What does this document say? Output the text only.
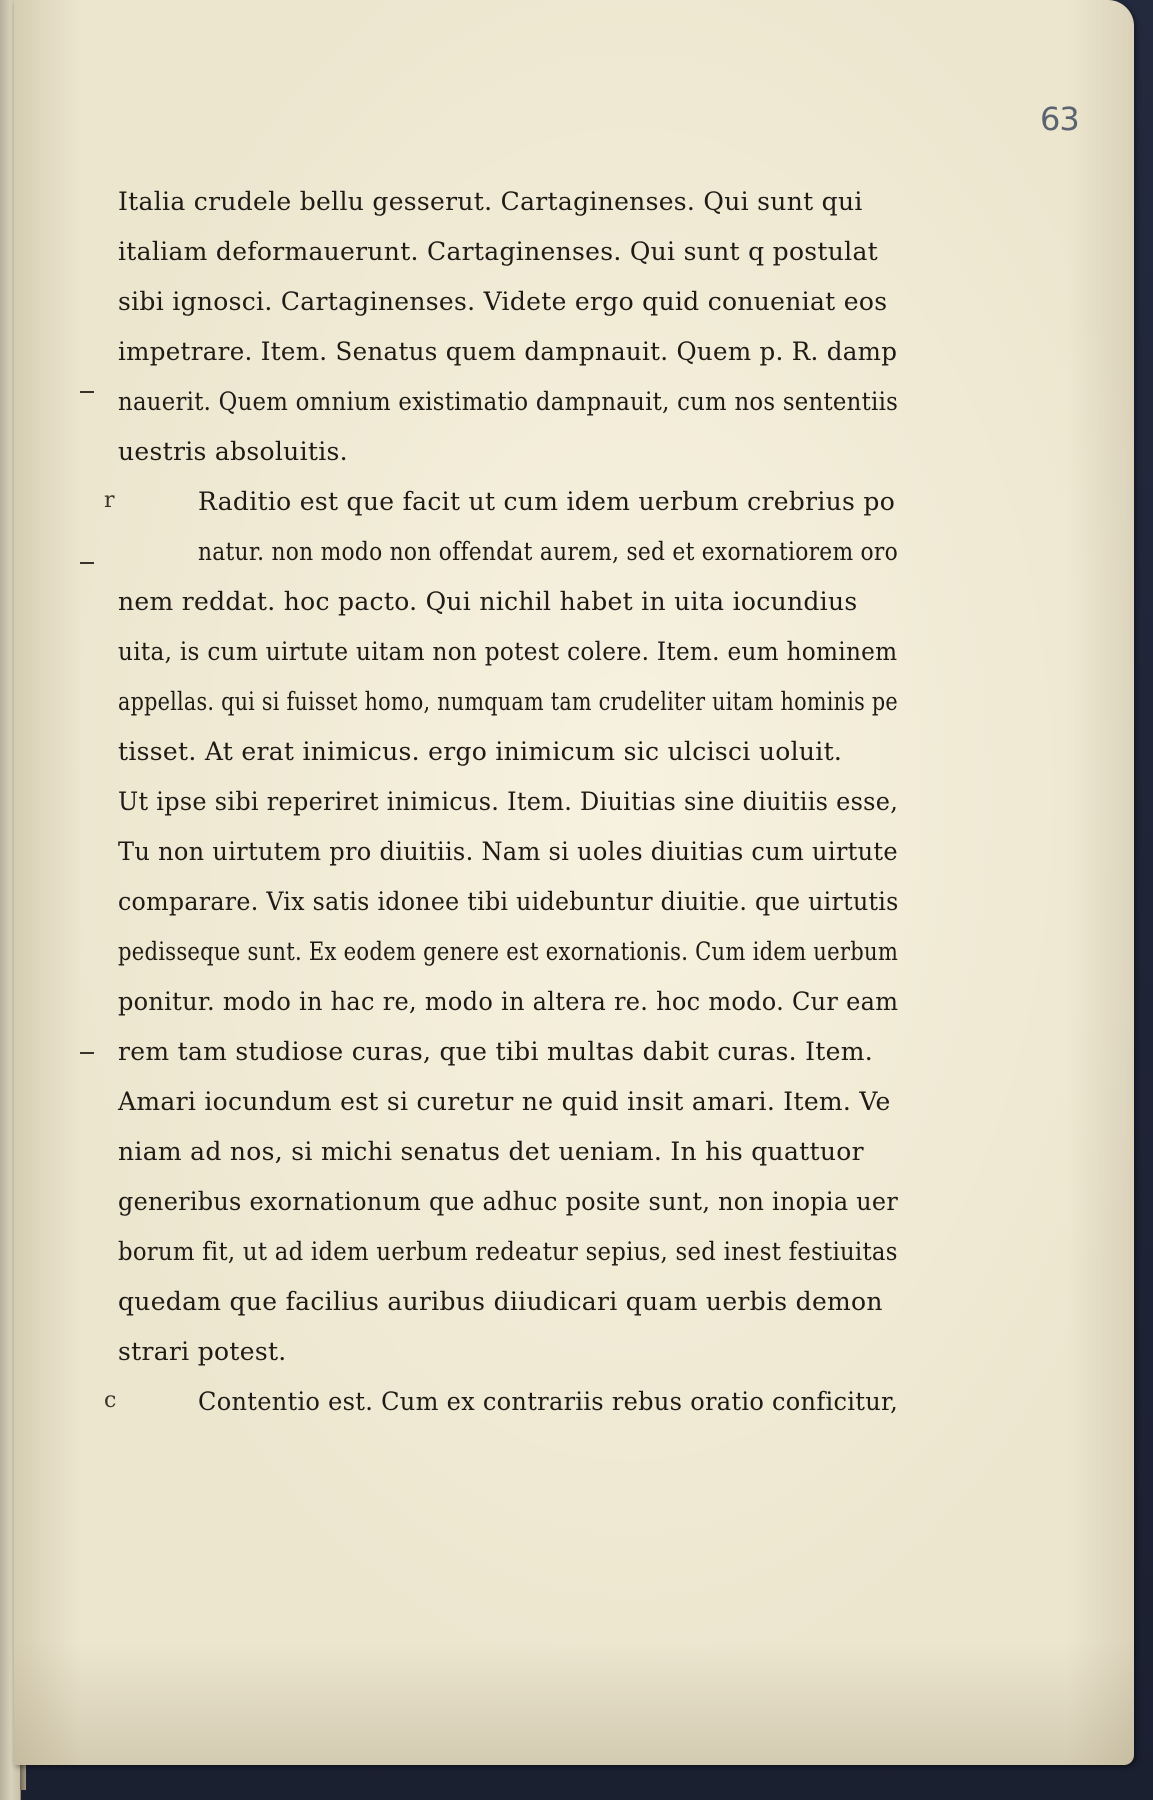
63
r
c
Italia crudele bellu gesserut. Cartaginenses. Qui sunt qui
italiam deformauerunt. Cartaginenses. Qui sunt q postulat
sibi ignosci. Cartaginenses. Videte ergo quid conueniat eos
impetrare. Item. Senatus quem dampnauit. Quem p. R. damp
nauerit. Quem omnium existimatio dampnauit, cum nos sententiis
uestris absoluitis.
Raditio est que facit ut cum idem uerbum crebrius po
natur. non modo non offendat aurem, sed et exornatiorem oro
nem reddat. hoc pacto. Qui nichil habet in uita iocundius
uita, is cum uirtute uitam non potest colere. Item. eum hominem
appellas. qui si fuisset homo, numquam tam crudeliter uitam hominis pe
tisset. At erat inimicus. ergo inimicum sic ulcisci uoluit.
Ut ipse sibi reperiret inimicus. Item. Diuitias sine diuitiis esse,
Tu non uirtutem pro diuitiis. Nam si uoles diuitias cum uirtute
comparare. Vix satis idonee tibi uidebuntur diuitie. que uirtutis
pedisseque sunt. Ex eodem genere est exornationis. Cum idem uerbum
ponitur. modo in hac re, modo in altera re. hoc modo. Cur eam
rem tam studiose curas, que tibi multas dabit curas. Item.
Amari iocundum est si curetur ne quid insit amari. Item. Ve
niam ad nos, si michi senatus det ueniam. In his quattuor
generibus exornationum que adhuc posite sunt, non inopia uer
borum fit, ut ad idem uerbum redeatur sepius, sed inest festiuitas
quedam que facilius auribus diiudicari quam uerbis demon
strari potest.
Contentio est. Cum ex contrariis rebus oratio conficitur,
